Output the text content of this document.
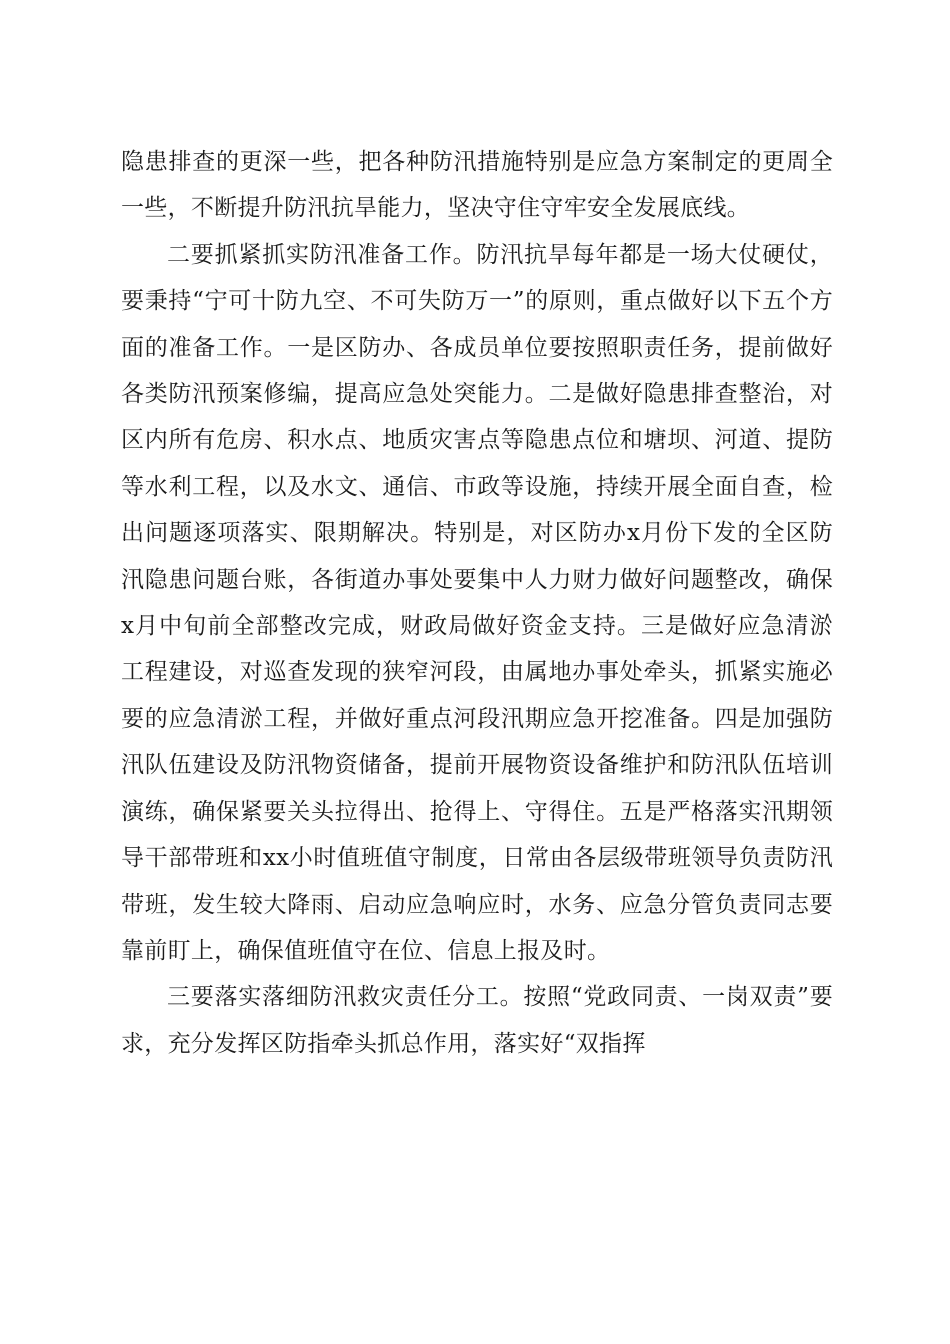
隐患排查的更深一些，把各种防汛措施特别是应急方案制定的更周全一些，不断提升防汛抗旱能力，坚决守住守牢安全发展底线。

二要抓紧抓实防汛准备工作。防汛抗旱每年都是一场大仗硬仗，要秉持“宁可十防九空、不可失防万一”的原则，重点做好以下五个方面的准备工作。一是区防办、各成员单位要按照职责任务，提前做好各类防汛预案修编，提高应急处突能力。二是做好隐患排查整治，对区内所有危房、积水点、地质灾害点等隐患点位和塘坝、河道、提防等水利工程，以及水文、通信、市政等设施，持续开展全面自查，检出问题逐项落实、限期解决。特别是，对区防办x月份下发的全区防汛隐患问题台账，各街道办事处要集中人力财力做好问题整改，确保x月中旬前全部整改完成，财政局做好资金支持。三是做好应急清淤工程建设，对巡查发现的狭窄河段，由属地办事处牵头，抓紧实施必要的应急清淤工程，并做好重点河段汛期应急开挖准备。四是加强防汛队伍建设及防汛物资储备，提前开展物资设备维护和防汛队伍培训演练，确保紧要关头拉得出、抢得上、守得住。五是严格落实汛期领导干部带班和xx小时值班值守制度，日常由各层级带班领导负责防汛带班，发生较大降雨、启动应急响应时，水务、应急分管负责同志要靠前盯上，确保值班值守在位、信息上报及时。

三要落实落细防汛救灾责任分工。按照“党政同责、一岗双责”要求，充分发挥区防指牵头抓总作用，落实好“双指挥
